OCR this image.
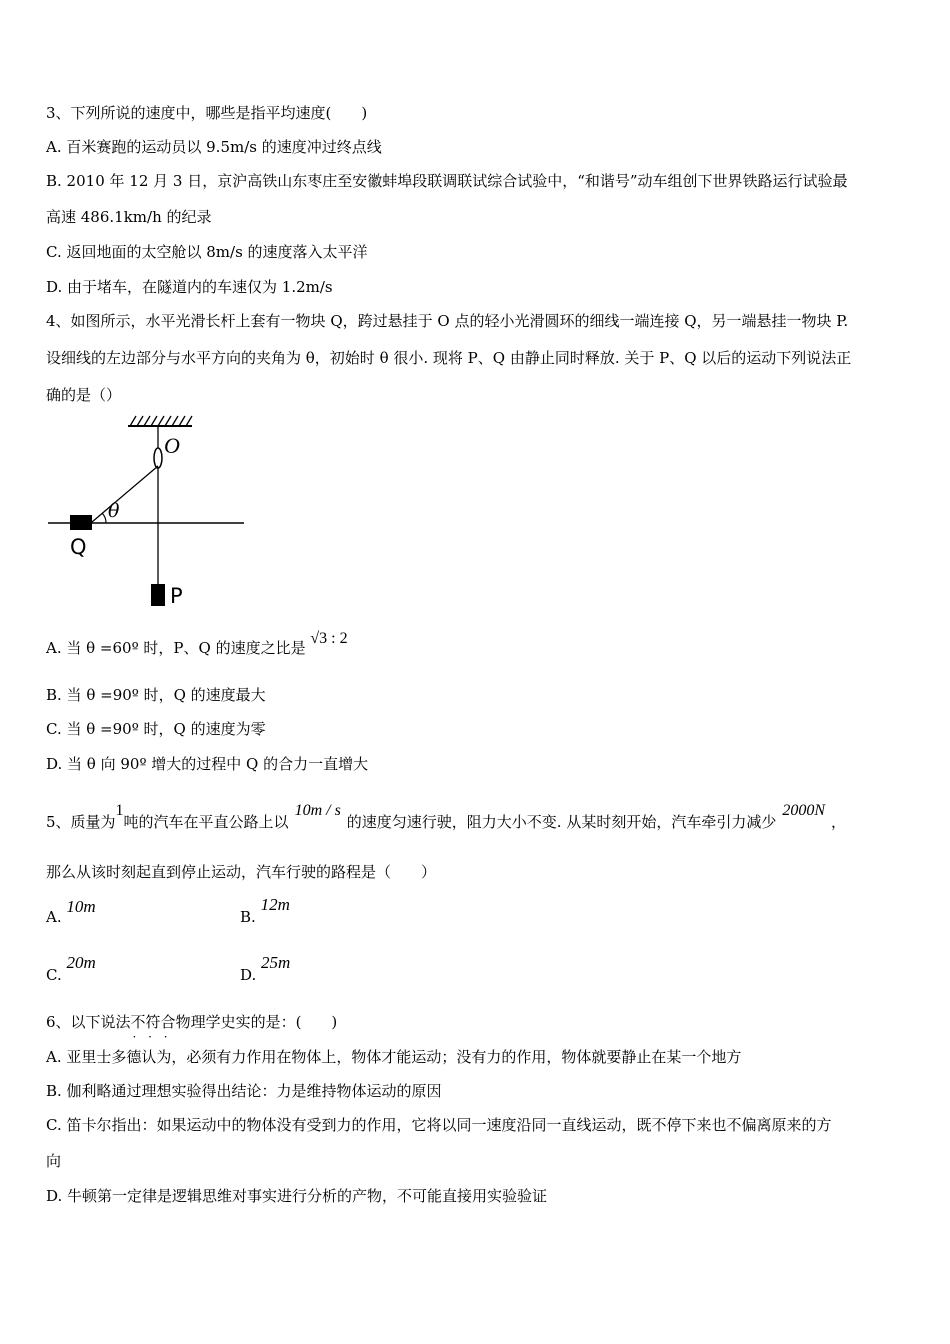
3、下列所说的速度中，哪些是指平均速度(　　)
A. 百米赛跑的运动员以 9.5m/s 的速度冲过终点线
B. 2010 年 12 月 3 日，京沪高铁山东枣庄至安徽蚌埠段联调联试综合试验中，“和谐号”动车组创下世界铁路运行试验最
高速 486.1km/h 的纪录
C. 返回地面的太空舱以 8m/s 的速度落入太平洋
D. 由于堵车，在隧道内的车速仅为 1.2m/s
4、如图所示，水平光滑长杆上套有一物块 Q，跨过悬挂于 O 点的轻小光滑圆环的细线一端连接 Q，另一端悬挂一物块 P.
设细线的左边部分与水平方向的夹角为 θ，初始时 θ 很小. 现将 P、Q 由静止同时释放. 关于 P、Q 以后的运动下列说法正
确的是（）
O
θ
Q
P
A. 当 θ =60º 时，P、Q 的速度之比是 √3 : 2
B. 当 θ =90º 时，Q 的速度最大
C. 当 θ =90º 时，Q 的速度为零
D. 当 θ 向 90º 增大的过程中 Q 的合力一直增大
5、质量为1吨的汽车在平直公路上以10m / s的速度匀速行驶，阻力大小不变. 从某时刻开始，汽车牵引力减少2000N，
那么从该时刻起直到停止运动，汽车行驶的路程是（　　）
A. 10m
B. 12m
C. 20m
D. 25m
6、以下说法不符合 · · ·物理学史实的是：(　　)
A. 亚里士多德认为，必须有力作用在物体上，物体才能运动；没有力的作用，物体就要静止在某一个地方
B. 伽利略通过理想实验得出结论：力是维持物体运动的原因
C. 笛卡尔指出：如果运动中的物体没有受到力的作用，它将以同一速度沿同一直线运动，既不停下来也不偏离原来的方
向
D. 牛顿第一定律是逻辑思维对事实进行分析的产物，不可能直接用实验验证
